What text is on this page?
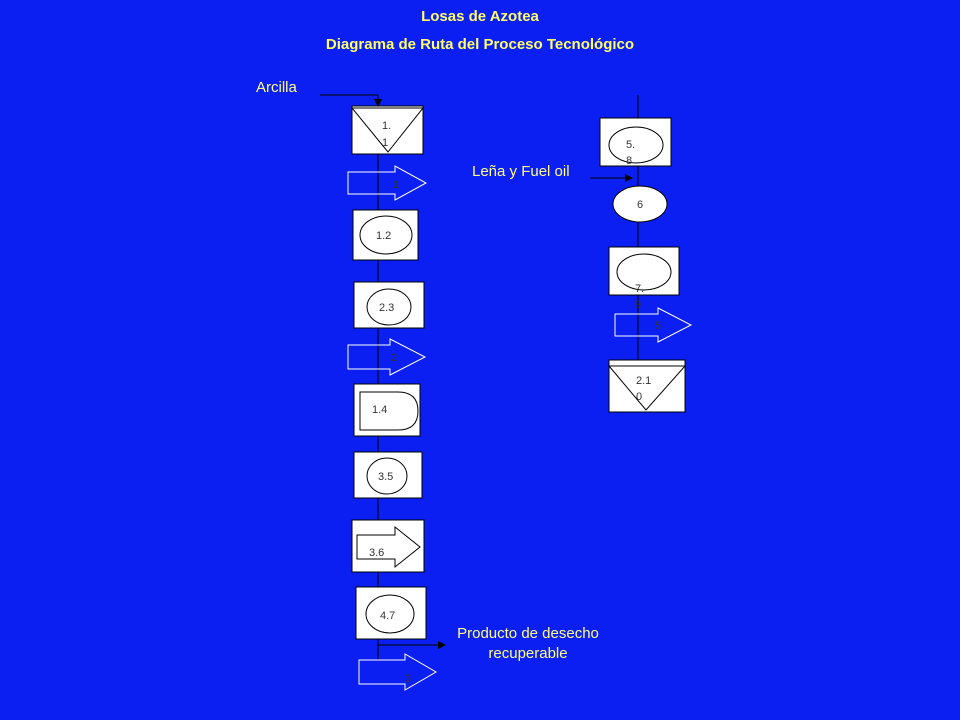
Losas de Azotea
Diagrama de Ruta del Proceso Tecnológico
Arcilla
Leña y Fuel oil
Producto de desecho
recuperable
1.
1
1
1.2
2.3
2
1.4
3.5
3.6
4.7
3
5.
8
6
7.
9
5
2.1
0
